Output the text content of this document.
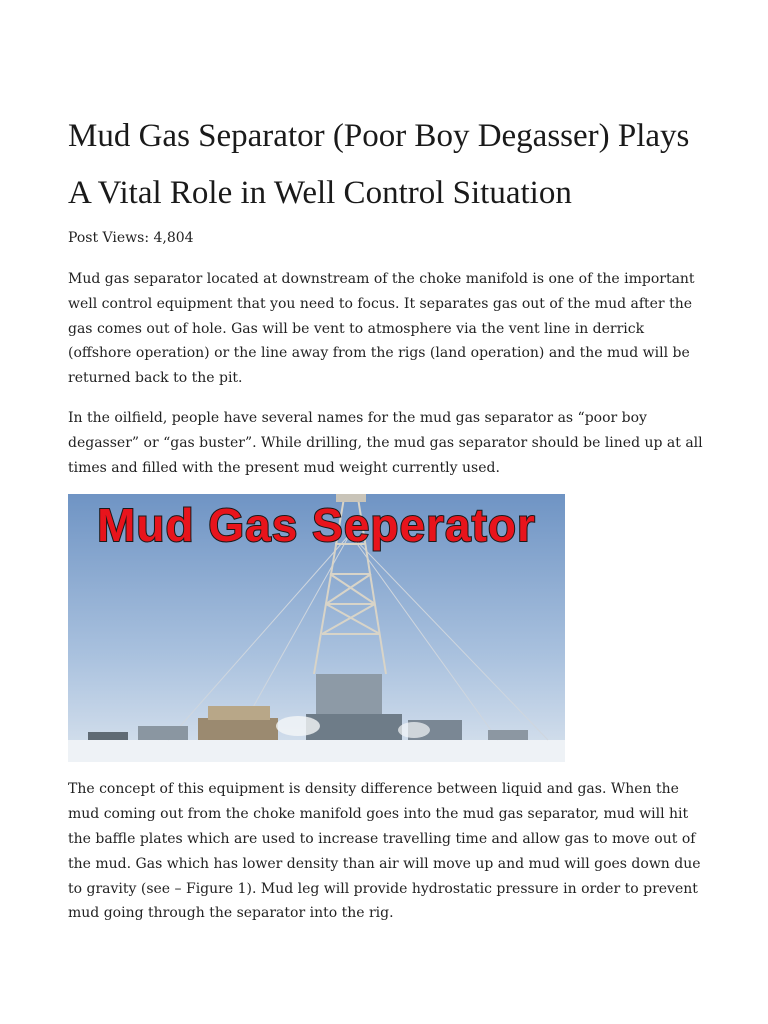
Mud Gas Separator (Poor Boy Degasser) Plays A Vital Role in Well Control Situation

Post Views: 4,804

Mud gas separator located at downstream of the choke manifold is one of the important well control equipment that you need to focus. It separates gas out of the mud after the gas comes out of hole. Gas will be vent to atmosphere via the vent line in derrick (offshore operation) or the line away from the rigs (land operation) and the mud will be returned back to the pit.

In the oilfield, people have several names for the mud gas separator as “poor boy degasser” or “gas buster”. While drilling, the mud gas separator should be lined up at all times and filled with the present mud weight currently used.

Mud Gas Seperator

The concept of this equipment is density difference between liquid and gas. When the mud coming out from the choke manifold goes into the mud gas separator, mud will hit the baffle plates which are used to increase travelling time and allow gas to move out of the mud. Gas which has lower density than air will move up and mud will goes down due to gravity (see – Figure 1). Mud leg will provide hydrostatic pressure in order to prevent mud going through the separator into the rig.
